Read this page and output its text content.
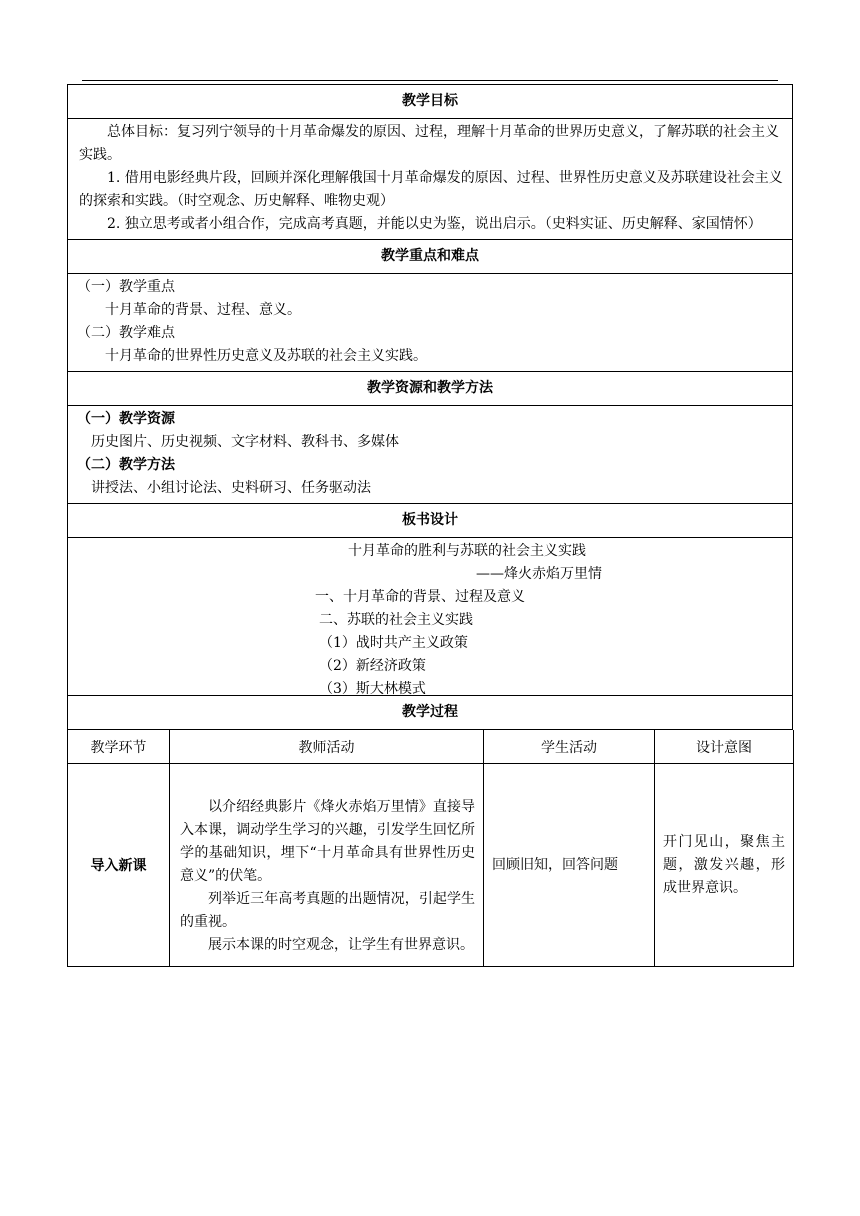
教学目标
总体目标：复习列宁领导的十月革命爆发的原因、过程，理解十月革命的世界历史意义，了解苏联的社会主义实践。
1. 借用电影经典片段，回顾并深化理解俄国十月革命爆发的原因、过程、世界性历史意义及苏联建设社会主义的探索和实践。（时空观念、历史解释、唯物史观）
2. 独立思考或者小组合作，完成高考真题，并能以史为鉴，说出启示。（史料实证、历史解释、家国情怀）
教学重点和难点
（一）教学重点
十月革命的背景、过程、意义。
（二）教学难点
十月革命的世界性历史意义及苏联的社会主义实践。
教学资源和教学方法
（一）教学资源
历史图片、历史视频、文字材料、教科书、多媒体
（二）教学方法
讲授法、小组讨论法、史料研习、任务驱动法
板书设计
十月革命的胜利与苏联的社会主义实践
——烽火赤焰万里情
一、十月革命的背景、过程及意义
二、苏联的社会主义实践
（1）战时共产主义政策
（2）新经济政策
（3）斯大林模式
教学过程
教学环节	教师活动	学生活动	设计意图
导入新课	以介绍经典影片《烽火赤焰万里情》直接导入本课，调动学生学习的兴趣，引发学生回忆所学的基础知识，埋下“十月革命具有世界性历史意义”的伏笔。

列举近三年高考真题的出题情况，引起学生的重视。

展示本课的时空观念，让学生有世界意识。	回顾旧知，回答问题	开门见山，聚焦主题，激发兴趣，形成世界意识。
